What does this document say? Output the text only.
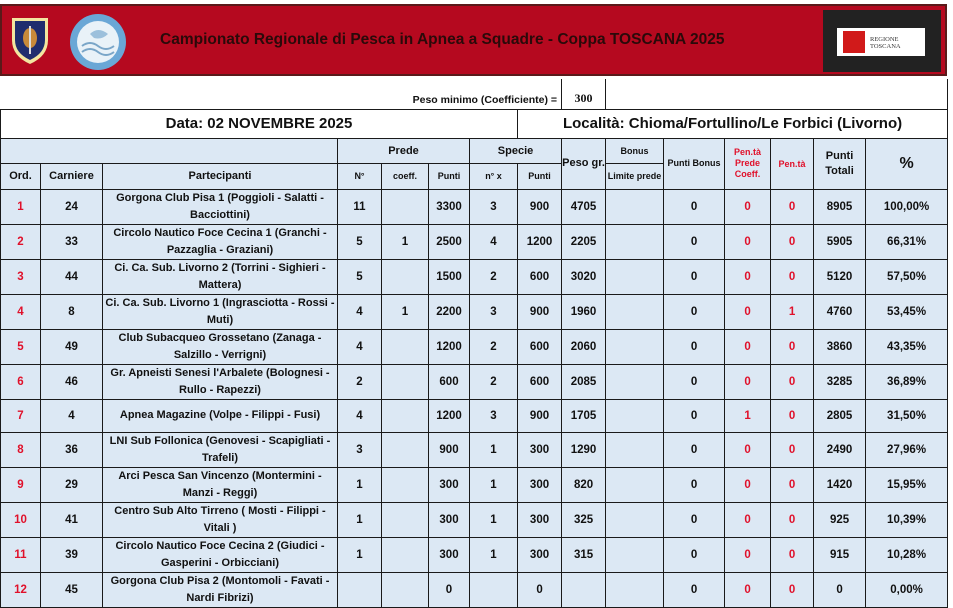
Campionato Regionale di Pesca in Apnea a Squadre - Coppa TOSCANA 2025	REGIONE TOSCANA
Peso minimo (Coefficiente) =								300						
Data: 02 NOVEMBRE 2025							Località: Chioma/Fortullino/Le Forbici (Livorno)							
			Prede			Specie		Peso gr.	Bonus	Punti Bonus	Pen.tà Prede Coeff.	Pen.tà	Punti Totali	%
Ord.	Carniere	Partecipanti	N°	coeff.	Punti	n° x	Punti		Limite prede					
1	24	Gorgona Club Pisa 1 (Poggioli - Salatti - Bacciottini)	11		3300	3	900	4705		0	0	0	8905	100,00%
2	33	Circolo Nautico Foce Cecina 1 (Granchi - Pazzaglia - Graziani)	5	1	2500	4	1200	2205		0	0	0	5905	66,31%
3	44	Ci. Ca. Sub. Livorno 2 (Torrini - Sighieri - Mattera)	5		1500	2	600	3020		0	0	0	5120	57,50%
4	8	Ci. Ca. Sub. Livorno 1 (Ingrasciotta - Rossi - Muti)	4	1	2200	3	900	1960		0	0	1	4760	53,45%
5	49	Club Subacqueo Grossetano (Zanaga - Salzillo - Verrigni)	4		1200	2	600	2060		0	0	0	3860	43,35%
6	46	Gr. Apneisti Senesi l'Arbalete (Bolognesi - Rullo - Rapezzi)	2		600	2	600	2085		0	0	0	3285	36,89%
7	4	Apnea Magazine (Volpe - Filippi - Fusi)	4		1200	3	900	1705		0	1	0	2805	31,50%
8	36	LNI Sub Follonica (Genovesi - Scapigliati - Trafeli)	3		900	1	300	1290		0	0	0	2490	27,96%
9	29	Arci Pesca San Vincenzo (Montermini - Manzi - Reggi)	1		300	1	300	820		0	0	0	1420	15,95%
10	41	Centro Sub Alto Tirreno ( Mosti - Filippi - Vitali )	1		300	1	300	325		0	0	0	925	10,39%
11	39	Circolo Nautico Foce Cecina 2 (Giudici - Gasperini - Orbicciani)	1		300	1	300	315		0	0	0	915	10,28%
12	45	Gorgona Club Pisa 2 (Montomoli - Favati - Nardi Fibrizi)			0		0			0	0	0	0	0,00%
